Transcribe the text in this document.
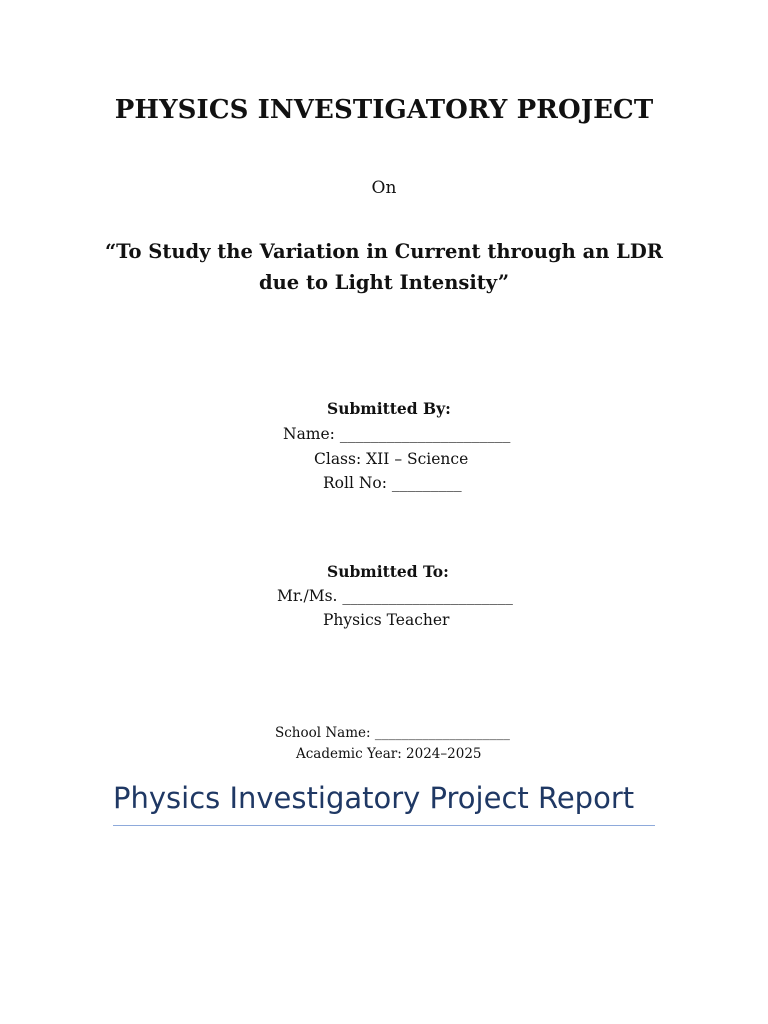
PHYSICS INVESTIGATORY PROJECT
On
“To Study the Variation in Current through an LDR
due to Light Intensity”
Submitted By:
Name: ______________________
Class: XII – Science
Roll No: _________
Submitted To:
Mr./Ms. ______________________
Physics Teacher
School Name: ____________________
Academic Year: 2024–2025
Physics Investigatory Project Report
